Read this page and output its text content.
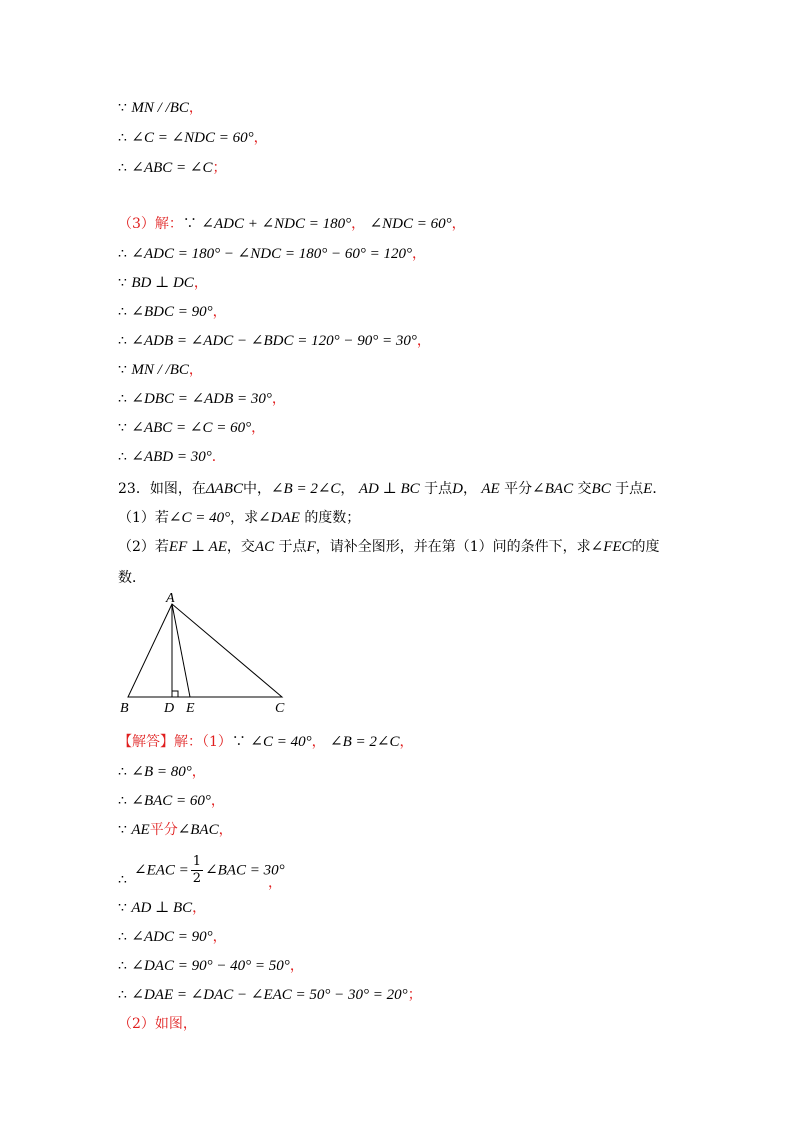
∵ MN / /BC，
∴ ∠C = ∠NDC = 60°，
∴ ∠ABC = ∠C；
（3）解：∵ ∠ADC + ∠NDC = 180°， ∠NDC = 60°，
∴ ∠ADC = 180° − ∠NDC = 180° − 60° = 120°，
∵ BD ⊥ DC，
∴ ∠BDC = 90°，
∴ ∠ADB = ∠ADC − ∠BDC = 120° − 90° = 30°，
∵ MN / /BC，
∴ ∠DBC = ∠ADB = 30°，
∵ ∠ABC = ∠C = 60°，
∴ ∠ABD = 30°．
23．如图，在ΔABC中，∠B = 2∠C， AD ⊥ BC 于点D， AE 平分∠BAC 交BC 于点E．
（1）若∠C = 40°，求∠DAE 的度数；
（2）若EF ⊥ AE，交AC 于点F，请补全图形，并在第（1）问的条件下，求∠FEC的度
数．
A
B	D E	C
【解答】解：（1）∵ ∠C = 40°， ∠B = 2∠C，
∴ ∠B = 80°，
∴ ∠BAC = 60°，
∵ AE平分∠BAC，
∴
∠EAC = $\frac{1}{2}$ ∠BAC = 30°
，
∵ AD ⊥ BC，
∴ ∠ADC = 90°，
∴ ∠DAC = 90° − 40° = 50°，
∴ ∠DAE = ∠DAC − ∠EAC = 50° − 30° = 20°；
（2）如图，
